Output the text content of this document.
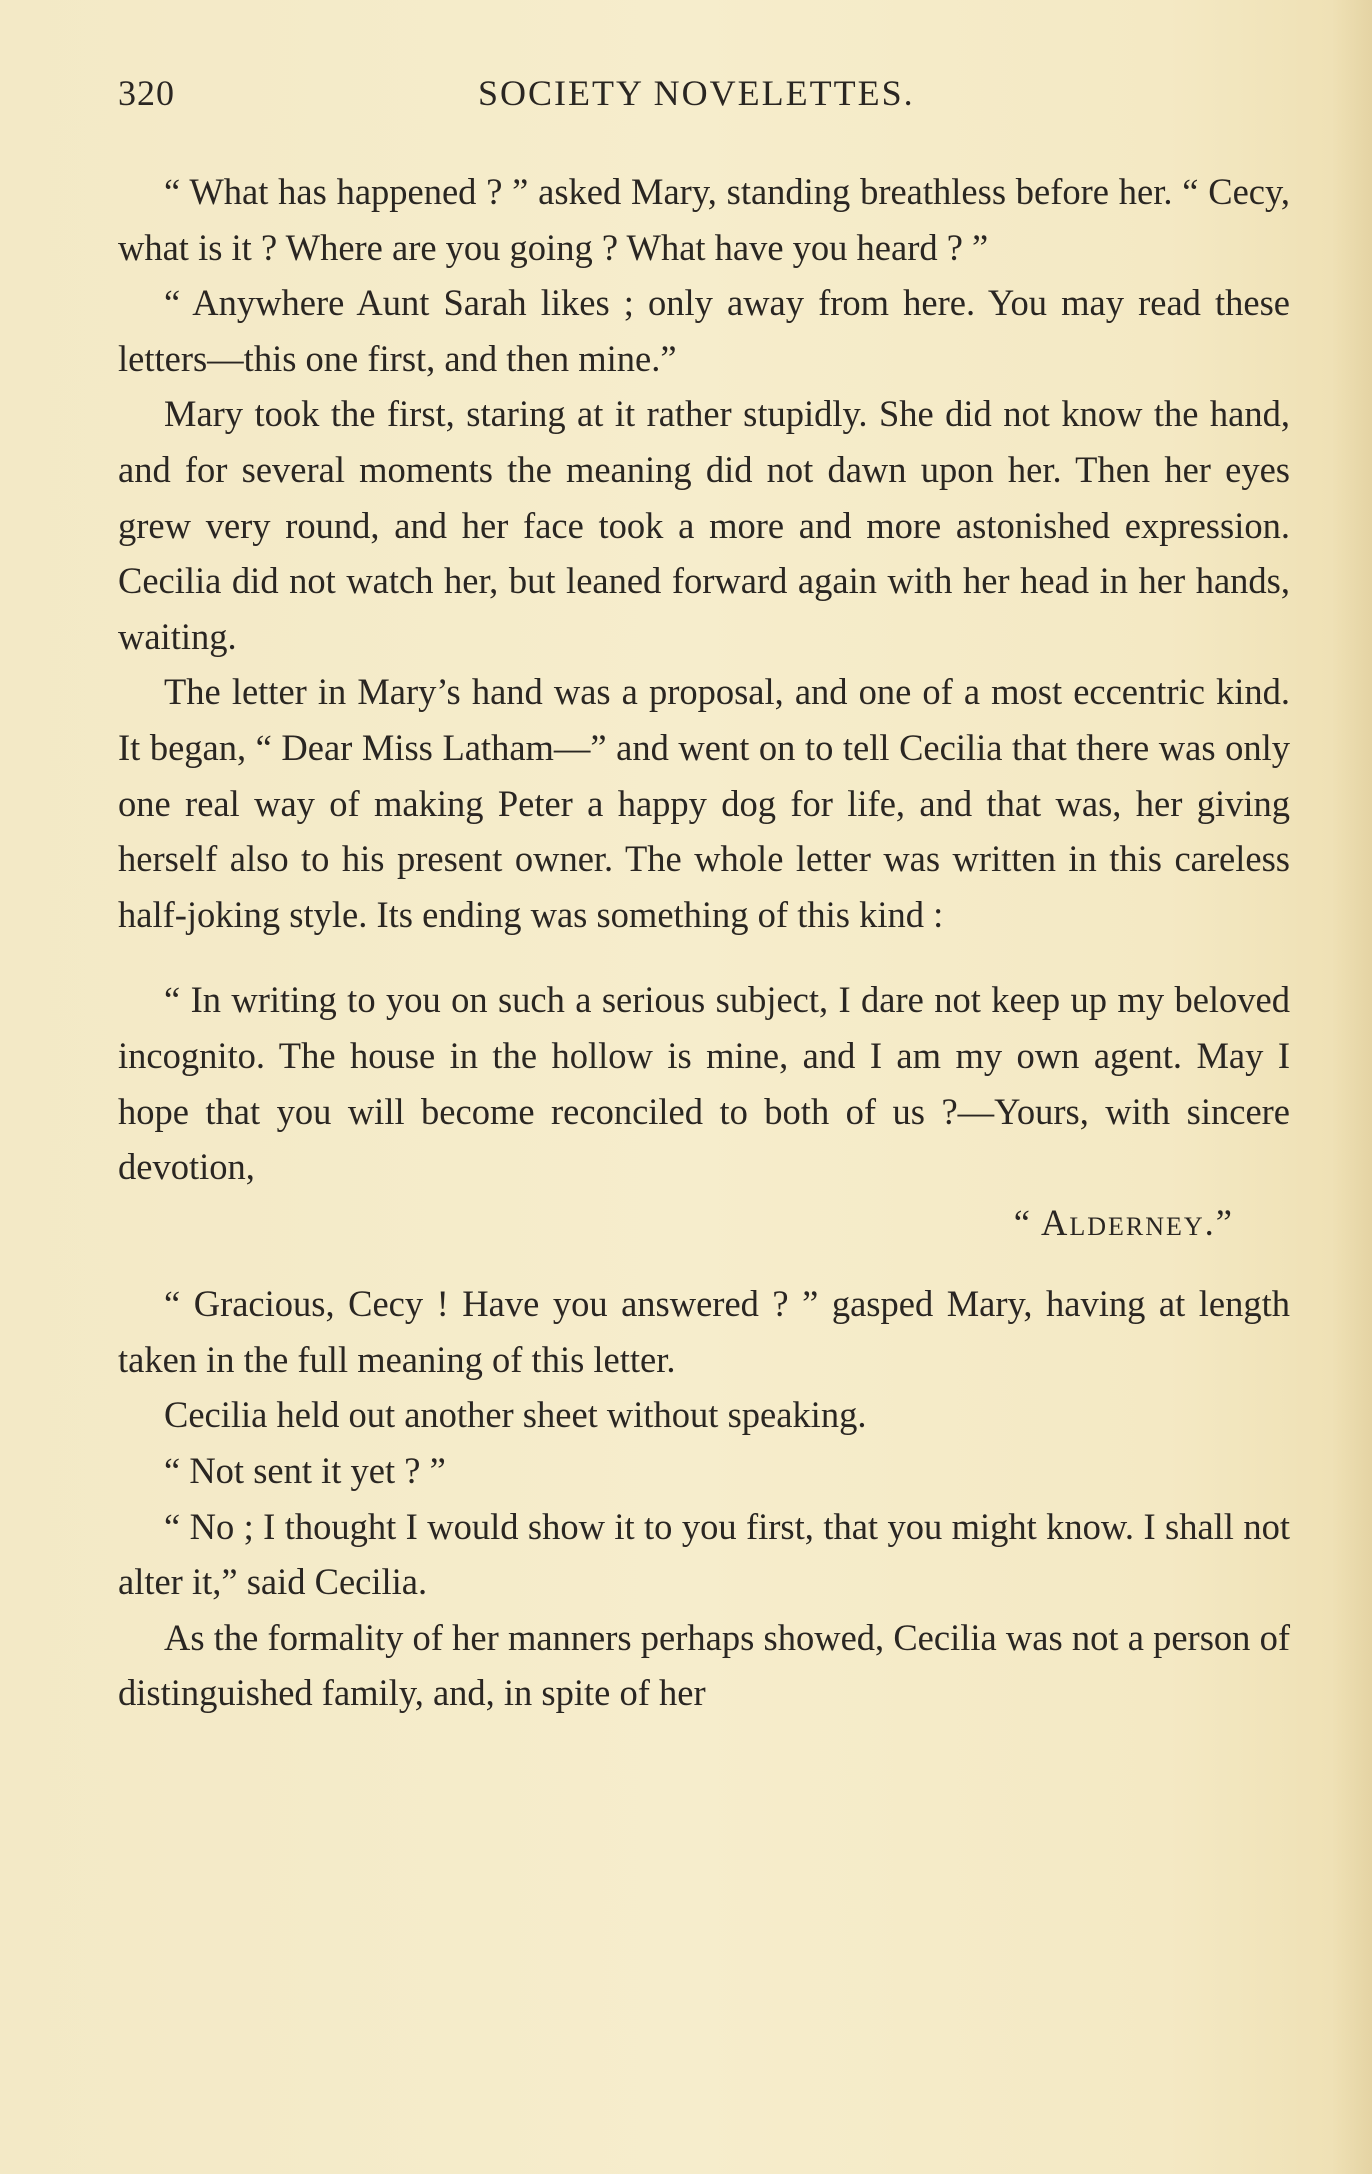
320	SOCIETY NOVELETTES.

“ What has happened ? ” asked Mary, standing breathless before her. “ Cecy, what is it ? Where are you going ? What have you heard ? ”

“ Anywhere Aunt Sarah likes ; only away from here. You may read these letters—this one first, and then mine.”

Mary took the first, staring at it rather stupidly. She did not know the hand, and for several moments the meaning did not dawn upon her. Then her eyes grew very round, and her face took a more and more astonished expression. Cecilia did not watch her, but leaned forward again with her head in her hands, waiting.

The letter in Mary’s hand was a proposal, and one of a most eccentric kind. It began, “ Dear Miss Latham—” and went on to tell Cecilia that there was only one real way of making Peter a happy dog for life, and that was, her giving herself also to his present owner. The whole letter was written in this careless half-joking style. Its ending was something of this kind :

“ In writing to you on such a serious subject, I dare not keep up my beloved incognito. The house in the hollow is mine, and I am my own agent. May I hope that you will become reconciled to both of us ?—Yours, with sincere devotion,

“ Alderney.”

“ Gracious, Cecy ! Have you answered ? ” gasped Mary, having at length taken in the full meaning of this letter.

Cecilia held out another sheet without speaking.

“ Not sent it yet ? ”

“ No ; I thought I would show it to you first, that you might know. I shall not alter it,” said Cecilia.

As the formality of her manners perhaps showed, Cecilia was not a person of distinguished family, and, in spite of her
